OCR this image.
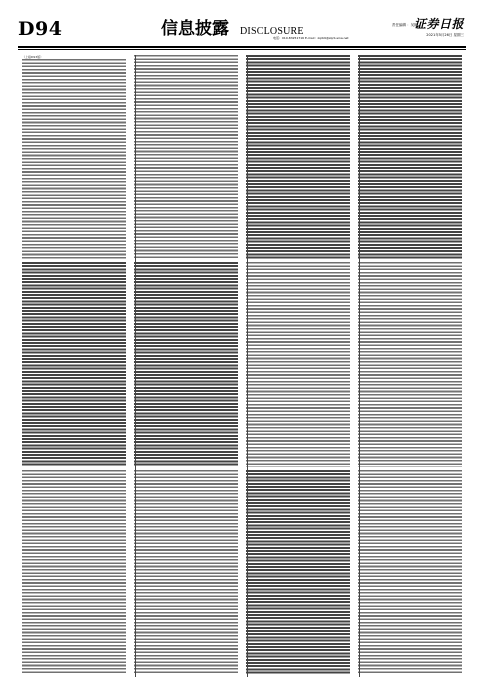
D94	信息披露 DISCLOSURE
责任编辑 ：吴艳
证券日报
电话：010-83251716 E-mail：zqrb9@zqrb.sina.net
2021年5月26日 星期三
（上接D93版）
